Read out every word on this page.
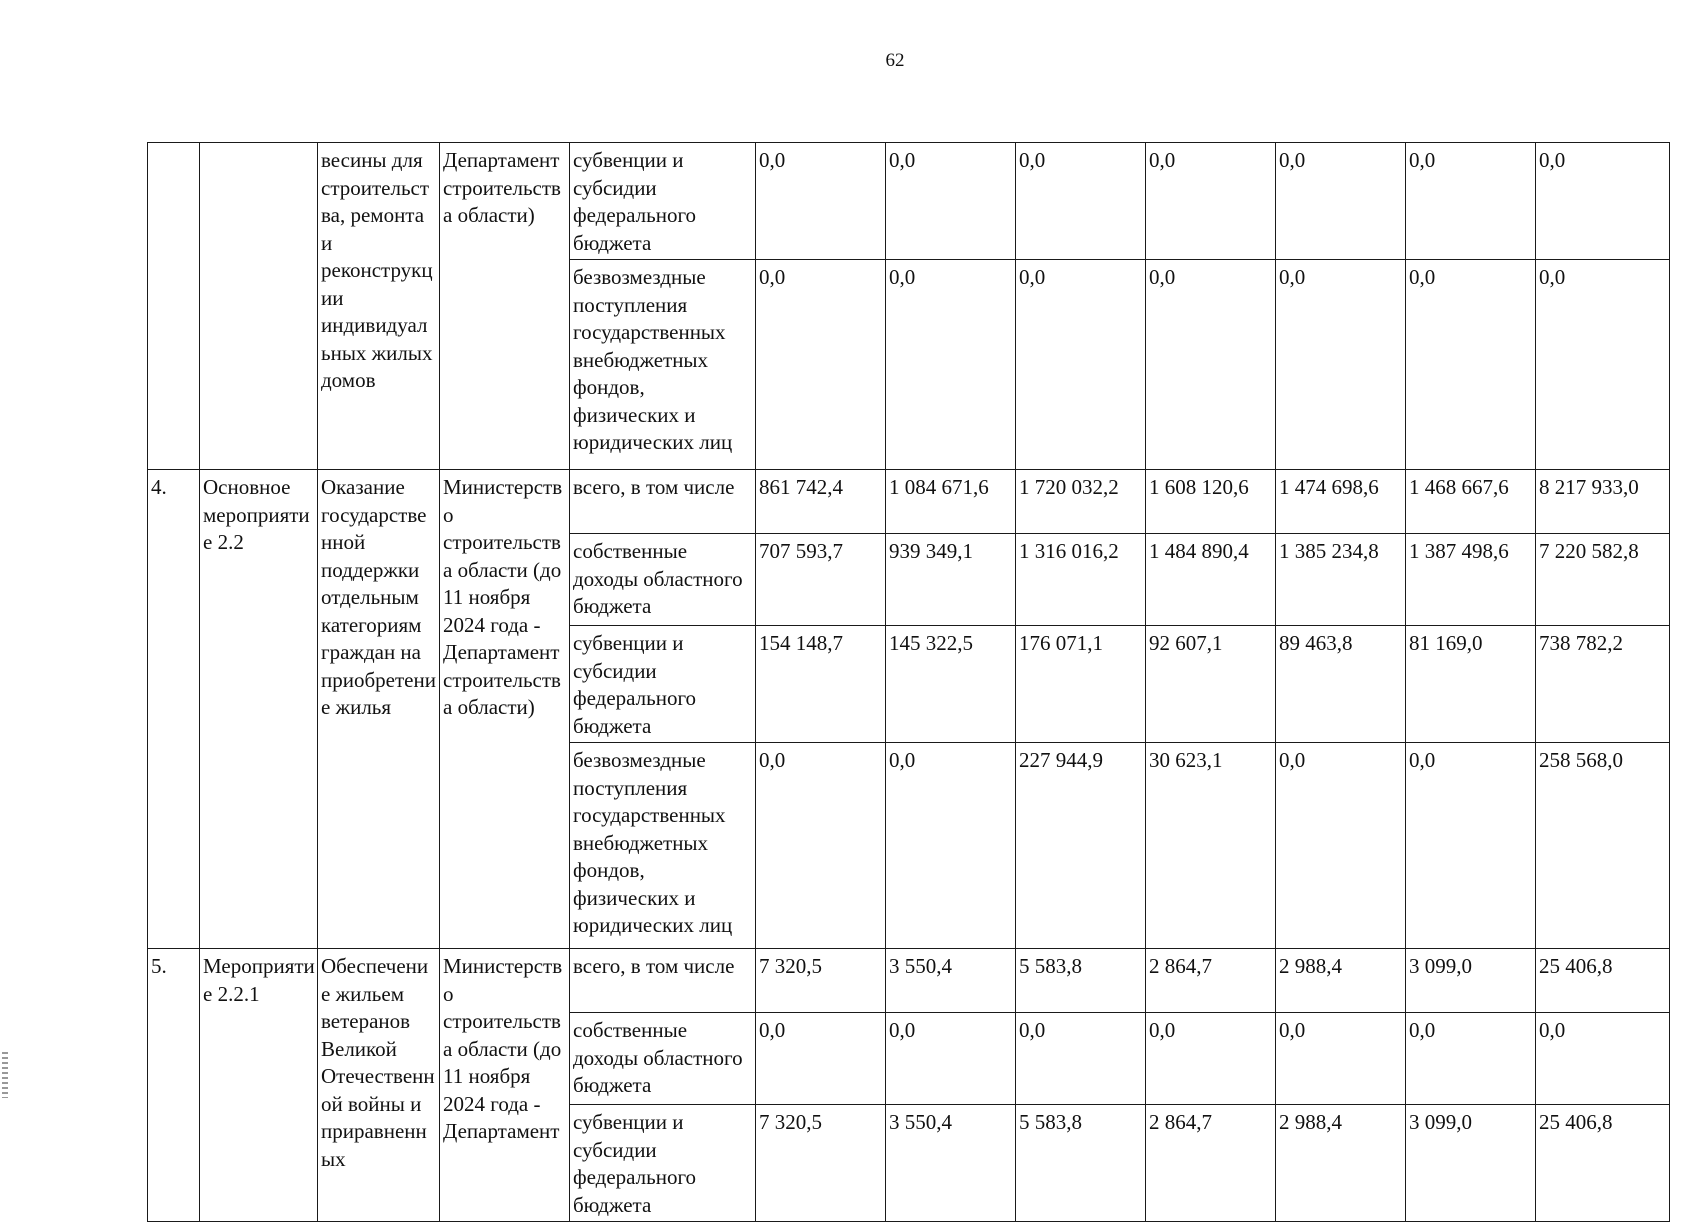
62
		весины для строительства, ремонта и реконструкции индивидуальных жилых домов	Департамент строительства области)	субвенции и субсидии федерального бюджета	0,0	0,0	0,0	0,0	0,0	0,0	0,0
				безвозмездные поступления государственных внебюджетных фондов, физических и юридических лиц	0,0	0,0	0,0	0,0	0,0	0,0	0,0
4.	Основное мероприятие 2.2	Оказание государственной поддержки отдельным категориям граждан на приобретение жилья	Министерство строительства области (до 11 ноября 2024 года - Департамент строительства области)	всего, в том числе	861 742,4	1 084 671,6	1 720 032,2	1 608 120,6	1 474 698,6	1 468 667,6	8 217 933,0
				собственные доходы областного бюджета	707 593,7	939 349,1	1 316 016,2	1 484 890,4	1 385 234,8	1 387 498,6	7 220 582,8
				субвенции и субсидии федерального бюджета	154 148,7	145 322,5	176 071,1	92 607,1	89 463,8	81 169,0	738 782,2
				безвозмездные поступления государственных внебюджетных фондов, физических и юридических лиц	0,0	0,0	227 944,9	30 623,1	0,0	0,0	258 568,0
5.	Мероприятие 2.2.1	Обеспечение жильем ветеранов Великой Отечественной войны и приравненных	Министерство строительства области (до 11 ноября 2024 года - Департамент	всего, в том числе	7 320,5	3 550,4	5 583,8	2 864,7	2 988,4	3 099,0	25 406,8
				собственные доходы областного бюджета	0,0	0,0	0,0	0,0	0,0	0,0	0,0
				субвенции и субсидии федерального бюджета	7 320,5	3 550,4	5 583,8	2 864,7	2 988,4	3 099,0	25 406,8
